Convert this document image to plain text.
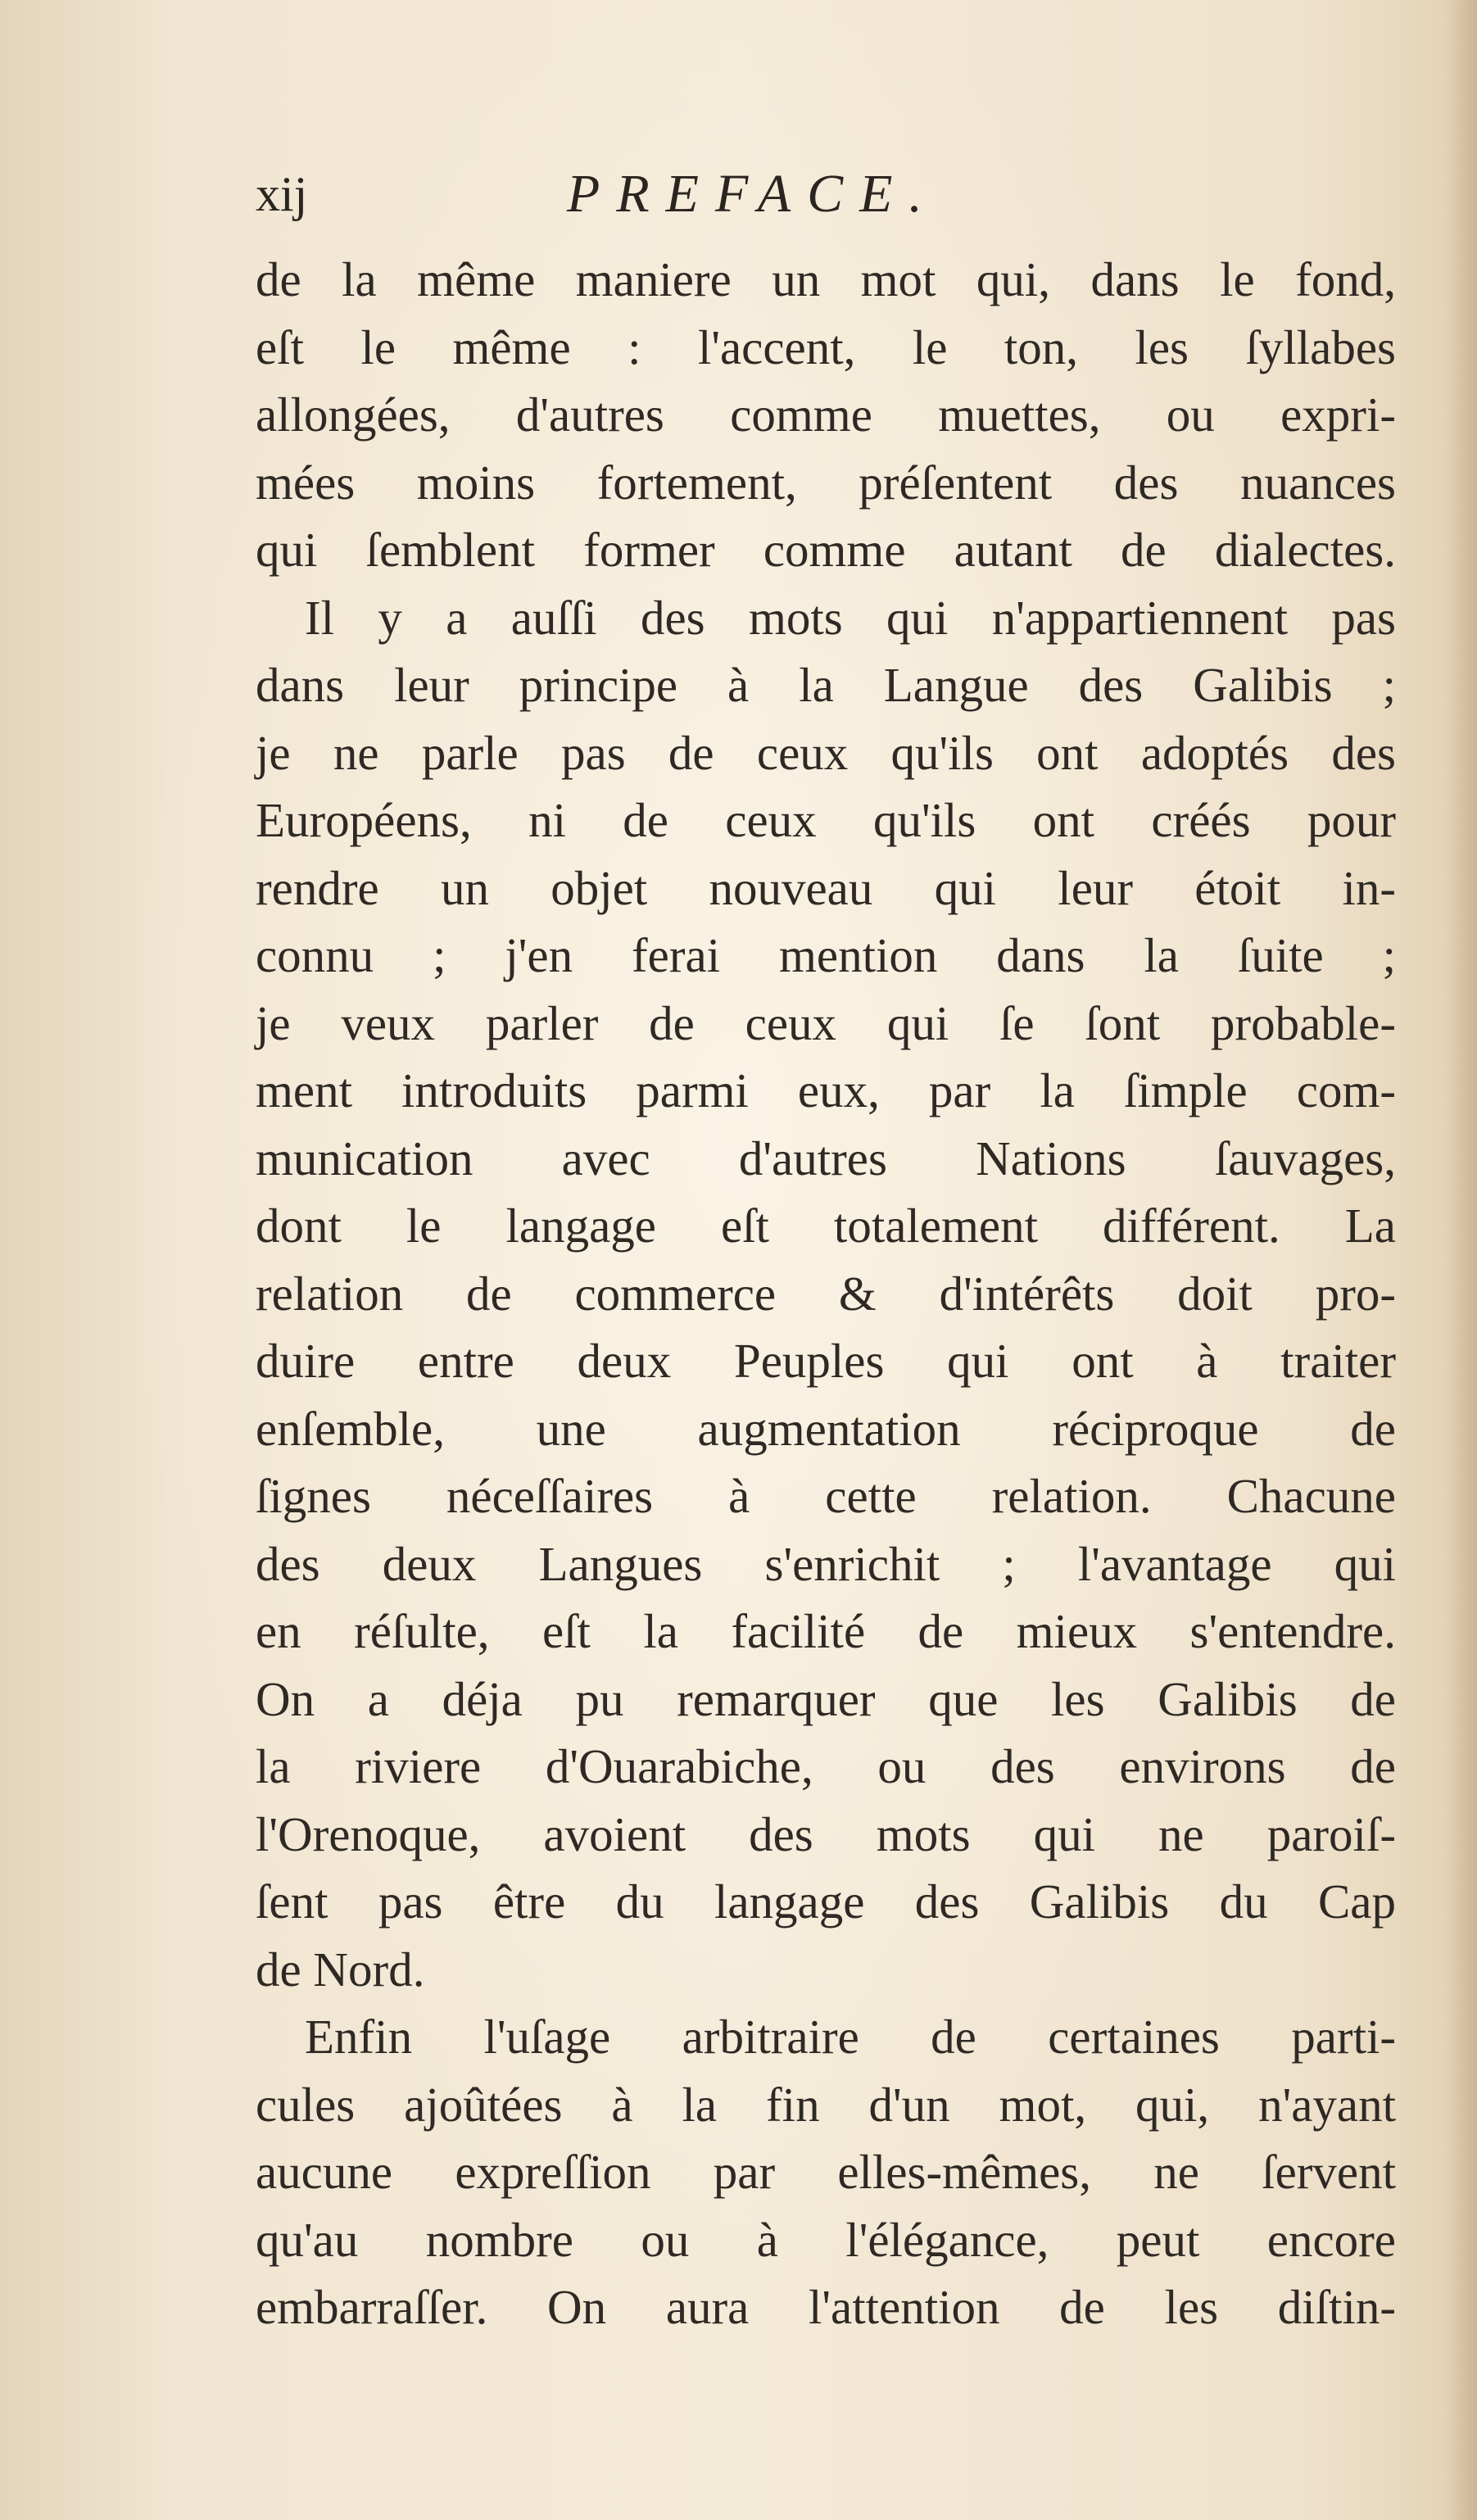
xij	PREFACE.
de la même maniere un mot qui, dans le fond,
eſt le même : l'accent, le ton, les ſyllabes
allongées, d'autres comme muettes, ou expri-
mées moins fortement, préſentent des nuances
qui ſemblent former comme autant de dialectes.
Il y a auſſi des mots qui n'appartiennent pas
dans leur principe à la Langue des Galibis ;
je ne parle pas de ceux qu'ils ont adoptés des
Européens, ni de ceux qu'ils ont créés pour
rendre un objet nouveau qui leur étoit in-
connu ; j'en ferai mention dans la ſuite ;
je veux parler de ceux qui ſe ſont probable-
ment introduits parmi eux, par la ſimple com-
munication avec d'autres Nations ſauvages,
dont le langage eſt totalement différent. La
relation de commerce & d'intérêts doit pro-
duire entre deux Peuples qui ont à traiter
enſemble, une augmentation réciproque de
ſignes néceſſaires à cette relation. Chacune
des deux Langues s'enrichit ; l'avantage qui
en réſulte, eſt la facilité de mieux s'entendre.
On a déja pu remarquer que les Galibis de
la riviere d'Ouarabiche, ou des environs de
l'Orenoque, avoient des mots qui ne paroiſ-
ſent pas être du langage des Galibis du Cap
de Nord.
Enfin l'uſage arbitraire de certaines parti-
cules ajoûtées à la fin d'un mot, qui, n'ayant
aucune expreſſion par elles-mêmes, ne ſervent
qu'au nombre ou à l'élégance, peut encore
embarraſſer. On aura l'attention de les diſtin-
